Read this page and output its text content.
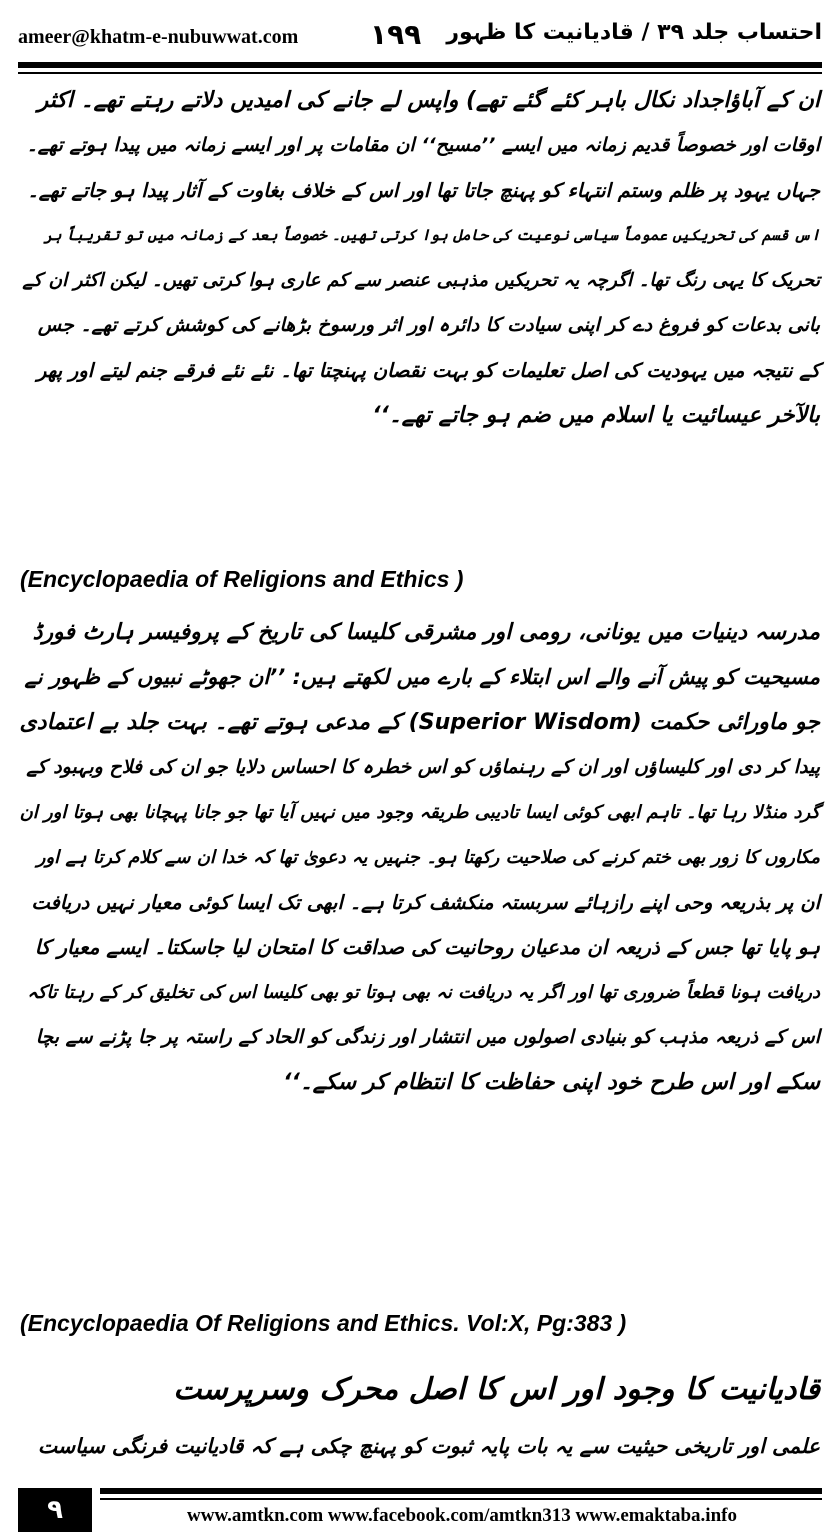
ameer@khatm-e-nubuwwat.com	۱۹۹ احتساب جلد ۳۹ / قادیانیت کا ظہور
ان کے آباؤاجداد نکال باہر کئے گئے تھے) واپس لے جانے کی امیدیں دلاتے رہتے تھے۔ اکثر
اوقات اور خصوصاً قدیم زمانہ میں ایسے ’’مسیح‘‘ ان مقامات پر اور ایسے زمانہ میں پیدا ہوتے تھے۔
جہاں یہود پر ظلم وستم انتہاء کو پہنچ جاتا تھا اور اس کے خلاف بغاوت کے آثار پیدا ہو جاتے تھے۔
اس قسم کی تحریکیں عموماً سیاسی نوعیت کی حامل ہوا کرتی تھیں۔ خصوصاً بعد کے زمانہ میں تو تقریباً ہر
تحریک کا یہی رنگ تھا۔ اگرچہ یہ تحریکیں مذہبی عنصر سے کم عاری ہوا کرتی تھیں۔ لیکن اکثر ان کے
بانی بدعات کو فروغ دے کر اپنی سیادت کا دائرہ اور اثر ورسوخ بڑھانے کی کوشش کرتے تھے۔ جس
کے نتیجہ میں یہودیت کی اصل تعلیمات کو بہت نقصان پہنچتا تھا۔ نئے نئے فرقے جنم لیتے اور پھر
بالآخر عیسائیت یا اسلام میں ضم ہو جاتے تھے۔‘‘
(Encyclopaedia of Religions and Ethics )
مدرسہ دینیات میں یونانی، رومی اور مشرقی کلیسا کی تاریخ کے پروفیسر ہارٹ فورڈ
مسیحیت کو پیش آنے والے اس ابتلاء کے بارے میں لکھتے ہیں: ’’ان جھوٹے نبیوں کے ظہور نے
جو ماورائی حکمت (Superior Wisdom) کے مدعی ہوتے تھے۔ بہت جلد بے اعتمادی
پیدا کر دی اور کلیساؤں اور ان کے رہنماؤں کو اس خطرہ کا احساس دلایا جو ان کی فلاح وبہبود کے
گرد منڈلا رہا تھا۔ تاہم ابھی کوئی ایسا تادیبی طریقہ وجود میں نہیں آیا تھا جو جانا پہچانا بھی ہوتا اور ان
مکاروں کا زور بھی ختم کرنے کی صلاحیت رکھتا ہو۔ جنہیں یہ دعویٰ تھا کہ خدا ان سے کلام کرتا ہے اور
ان پر بذریعہ وحی اپنے رازہائے سربستہ منکشف کرتا ہے۔ ابھی تک ایسا کوئی معیار نہیں دریافت
ہو پایا تھا جس کے ذریعہ ان مدعیان روحانیت کی صداقت کا امتحان لیا جاسکتا۔ ایسے معیار کا
دریافت ہونا قطعاً ضروری تھا اور اگر یہ دریافت نہ بھی ہوتا تو بھی کلیسا اس کی تخلیق کر کے رہتا تاکہ
اس کے ذریعہ مذہب کو بنیادی اصولوں میں انتشار اور زندگی کو الحاد کے راستہ پر جا پڑنے سے بچا
سکے اور اس طرح خود اپنی حفاظت کا انتظام کر سکے۔‘‘
(Encyclopaedia Of Religions and Ethics. Vol:X, Pg:383 )
قادیانیت کا وجود اور اس کا اصل محرک وسرپرست
علمی اور تاریخی حیثیت سے یہ بات پایہ ثبوت کو پہنچ چکی ہے کہ قادیانیت فرنگی سیاست
۹	www.amtkn.com www.facebook.com/amtkn313 www.emaktaba.info
